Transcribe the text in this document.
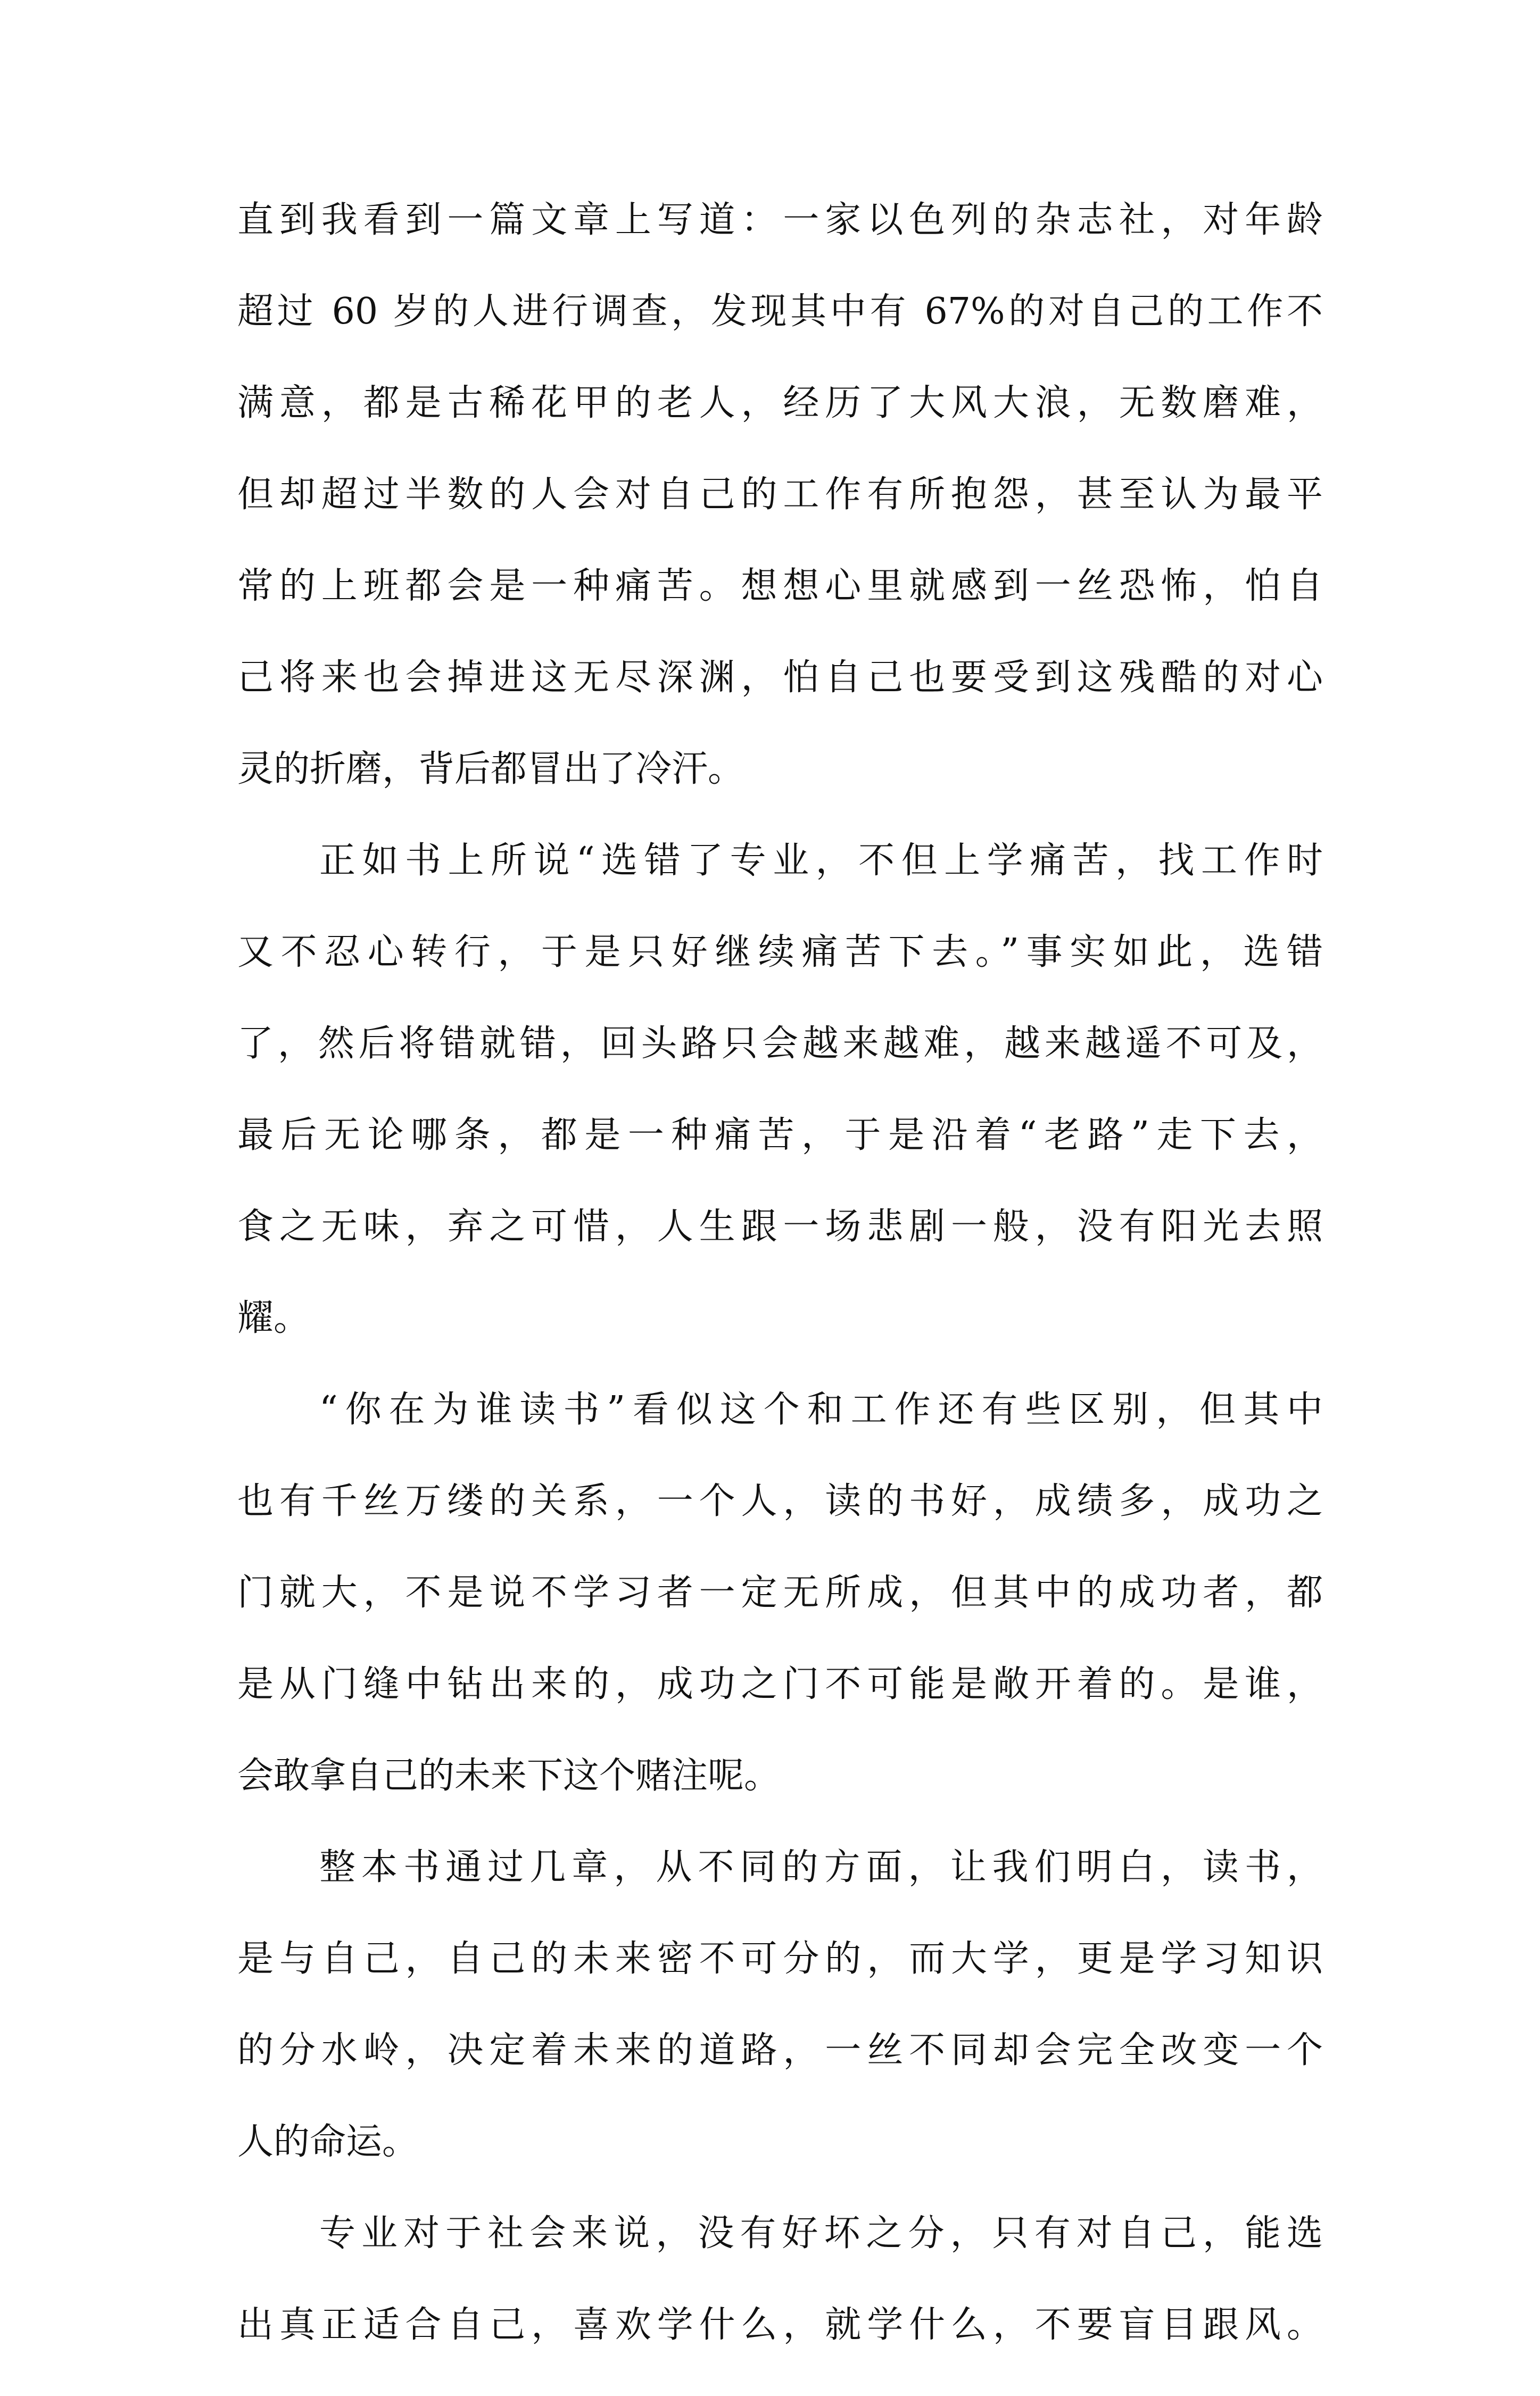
直到我看到一篇文章上写道：一家以色列的杂志社，对年龄
超过 60 岁的人进行调查，发现其中有 67%的对自己的工作不
满意，都是古稀花甲的老人，经历了大风大浪，无数磨难，
但却超过半数的人会对自己的工作有所抱怨，甚至认为最平
常的上班都会是一种痛苦。想想心里就感到一丝恐怖，怕自
己将来也会掉进这无尽深渊，怕自己也要受到这残酷的对心
灵的折磨，背后都冒出了冷汗。
正如书上所说“选错了专业，不但上学痛苦，找工作时
又不忍心转行，于是只好继续痛苦下去。”事实如此，选错
了，然后将错就错，回头路只会越来越难，越来越遥不可及，
最后无论哪条，都是一种痛苦，于是沿着“老路”走下去，
食之无味，弃之可惜，人生跟一场悲剧一般，没有阳光去照
耀。
“你在为谁读书”看似这个和工作还有些区别，但其中
也有千丝万缕的关系，一个人，读的书好，成绩多，成功之
门就大，不是说不学习者一定无所成，但其中的成功者，都
是从门缝中钻出来的，成功之门不可能是敞开着的。是谁，
会敢拿自己的未来下这个赌注呢。
整本书通过几章，从不同的方面，让我们明白，读书，
是与自己，自己的未来密不可分的，而大学，更是学习知识
的分水岭，决定着未来的道路，一丝不同却会完全改变一个
人的命运。
专业对于社会来说，没有好坏之分，只有对自己，能选
出真正适合自己，喜欢学什么，就学什么，不要盲目跟风。
